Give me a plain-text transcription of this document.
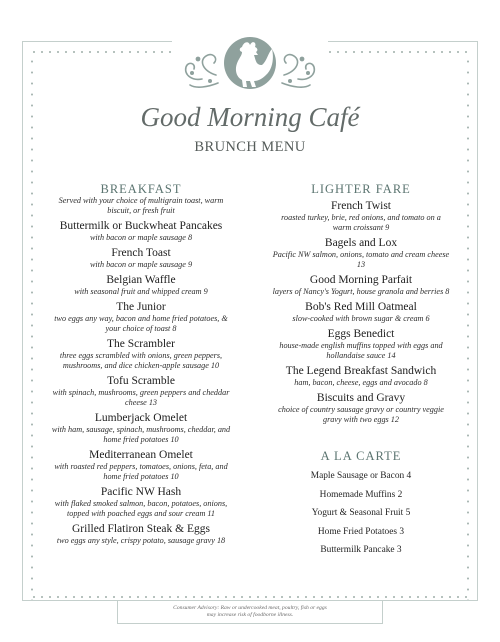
Good Morning Café
BRUNCH MENU
BREAKFAST
Served with your choice of multigrain toast, warm biscuit, or fresh fruit
Buttermilk or Buckwheat Pancakes
with bacon or maple sausage 8
French Toast
with bacon or maple sausage 9
Belgian Waffle
with seasonal fruit and whipped cream 9
The Junior
two eggs any way, bacon and home fried potatoes, & your choice of toast 8
The Scrambler
three eggs scrambled with onions, green peppers, mushrooms, and dice chicken-apple sausage 10
Tofu Scramble
with spinach, mushrooms, green peppers and cheddar cheese 13
Lumberjack Omelet
with ham, sausage, spinach, mushrooms, cheddar, and home fried potatoes 10
Mediterranean Omelet
with roasted red peppers, tomatoes, onions, feta, and home fried potatoes 10
Pacific NW Hash
with flaked smoked salmon, bacon, potatoes, onions, topped with poached eggs and sour cream 11
Grilled Flatiron Steak & Eggs
two eggs any style, crispy potato, sausage gravy 18
LIGHTER FARE
French Twist
roasted turkey, brie, red onions, and tomato on a warm croissant 9
Bagels and Lox
Pacific NW salmon, onions, tomato and cream cheese 13
Good Morning Parfait
layers of Nancy's Yogurt, house granola and berries 8
Bob's Red Mill Oatmeal
slow-cooked with brown sugar & cream 6
Eggs Benedict
house-made english muffins topped with eggs and hollandaise sauce 14
The Legend Breakfast Sandwich
ham, bacon, cheese, eggs and avocado 8
Biscuits and Gravy
choice of country sausage gravy or country veggie gravy with two eggs 12
A LA CARTE
Maple Sausage or Bacon 4
Homemade Muffins 2
Yogurt & Seasonal Fruit 5
Home Fried Potatoes 3
Buttermilk Pancake 3
Consumer Advisory: Raw or undercooked meat, poultry, fish or eggs
may increase risk of foodborne illness.
